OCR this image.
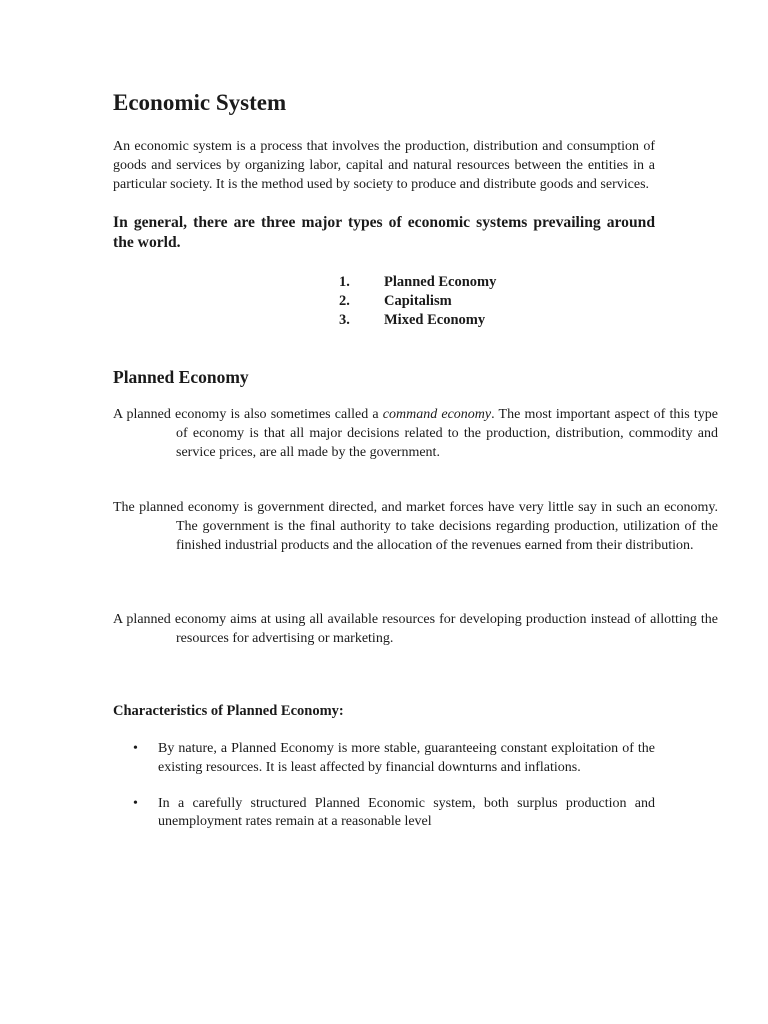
Economic System

An economic system is a process that involves the production, distribution and consumption of goods and services by organizing labor, capital and natural resources between the entities in a particular society. It is the method used by society to produce and distribute goods and services.

In general, there are three major types of economic systems prevailing around the world.

1. Planned Economy
2. Capitalism
3. Mixed Economy
Planned Economy

A planned economy is also sometimes called a command economy. The most important aspect of this type of economy is that all major decisions related to the production, distribution, commodity and service prices, are all made by the government.

The planned economy is government directed, and market forces have very little say in such an economy. The government is the final authority to take decisions regarding production, utilization of the finished industrial products and the allocation of the revenues earned from their distribution.

A planned economy aims at using all available resources for developing production instead of allotting the resources for advertising or marketing.

Characteristics of Planned Economy:
• By nature, a Planned Economy is more stable, guaranteeing constant exploitation of the existing resources. It is least affected by financial downturns and inflations.
• In a carefully structured Planned Economic system, both surplus production and unemployment rates remain at a reasonable level
